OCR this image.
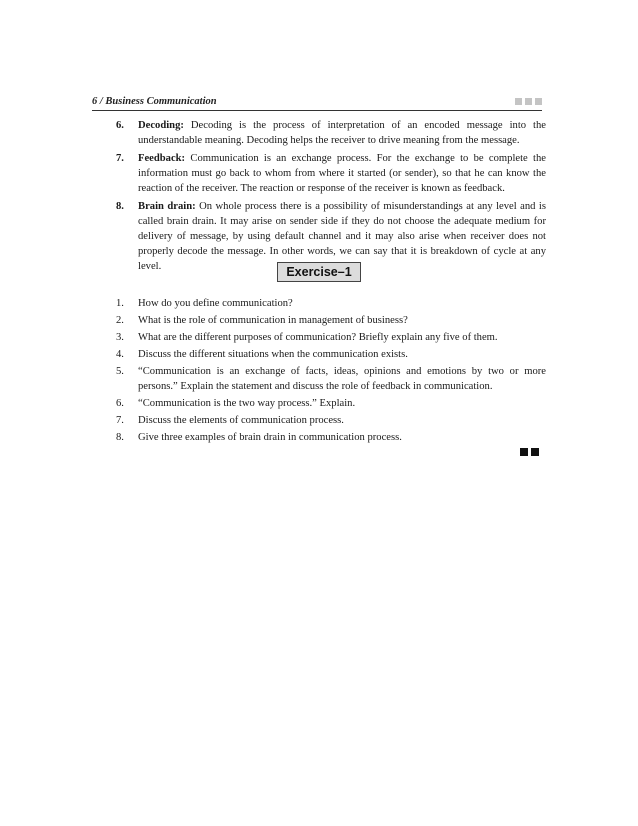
6 / Business Communication
6.	Decoding: Decoding is the process of interpretation of an encoded message into the understandable meaning. Decoding helps the receiver to drive meaning from the message.
7.	Feedback: Communication is an exchange process. For the exchange to be complete the information must go back to whom from where it started (or sender), so that he can know the reaction of the receiver. The reaction or response of the receiver is known as feedback.
8.	Brain drain: On whole process there is a possibility of misunderstandings at any level and is called brain drain. It may arise on sender side if they do not choose the adequate medium for delivery of message, by using default channel and it may also arise when receiver does not properly decode the message. In other words, we can say that it is breakdown of cycle at any level.	Exercise–1
1.	How do you define communication?
2.	What is the role of communication in management of business?
3.	What are the different purposes of communication? Briefly explain any five of them.
4.	Discuss the different situations when the communication exists.
5.	“Communication is an exchange of facts, ideas, opinions and emotions by two or more persons.” Explain the statement and discuss the role of feedback in communication.
6.	“Communication is the two way process.” Explain.
7.	Discuss the elements of communication process.
8.	Give three examples of brain drain in communication process.
